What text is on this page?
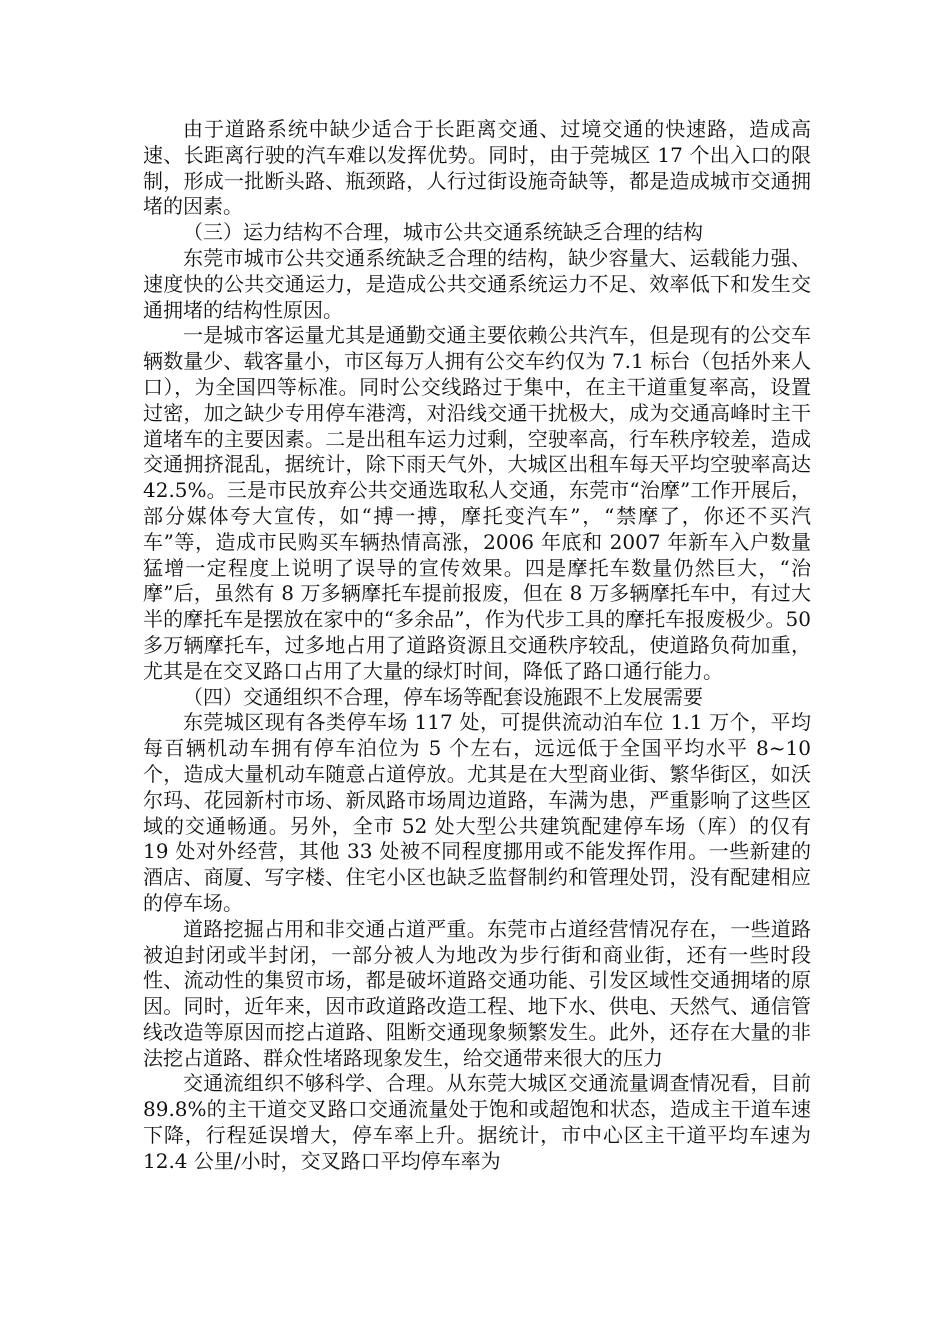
由于道路系统中缺少适合于长距离交通、过境交通的快速路，造成高速、长距离行驶的汽车难以发挥优势。同时，由于莞城区 17 个出入口的限制，形成一批断头路、瓶颈路，人行过街设施奇缺等，都是造成城市交通拥堵的因素。

（三）运力结构不合理，城市公共交通系统缺乏合理的结构

东莞市城市公共交通系统缺乏合理的结构，缺少容量大、运载能力强、速度快的公共交通运力，是造成公共交通系统运力不足、效率低下和发生交通拥堵的结构性原因。

一是城市客运量尤其是通勤交通主要依赖公共汽车，但是现有的公交车辆数量少、载客量小，市区每万人拥有公交车约仅为 7.1 标台（包括外来人口），为全国四等标准。同时公交线路过于集中，在主干道重复率高，设置过密，加之缺少专用停车港湾，对沿线交通干扰极大，成为交通高峰时主干道堵车的主要因素。二是出租车运力过剩，空驶率高，行车秩序较差，造成交通拥挤混乱，据统计，除下雨天气外，大城区出租车每天平均空驶率高达 42.5%。三是市民放弃公共交通选取私人交通，东莞市“治摩”工作开展后，部分媒体夸大宣传，如“搏一搏，摩托变汽车”，“禁摩了，你还不买汽车”等，造成市民购买车辆热情高涨，2006 年底和 2007 年新车入户数量猛增一定程度上说明了误导的宣传效果。四是摩托车数量仍然巨大，“治摩”后，虽然有 8 万多辆摩托车提前报废，但在 8 万多辆摩托车中，有过大半的摩托车是摆放在家中的“多余品”，作为代步工具的摩托车报废极少。50 多万辆摩托车，过多地占用了道路资源且交通秩序较乱，使道路负荷加重，尤其是在交叉路口占用了大量的绿灯时间，降低了路口通行能力。

（四）交通组织不合理，停车场等配套设施跟不上发展需要

东莞城区现有各类停车场 117 处，可提供流动泊车位 1.1 万个，平均每百辆机动车拥有停车泊位为 5 个左右，远远低于全国平均水平 8~10 个，造成大量机动车随意占道停放。尤其是在大型商业街、繁华街区，如沃尔玛、花园新村市场、新凤路市场周边道路，车满为患，严重影响了这些区域的交通畅通。另外，全市 52 处大型公共建筑配建停车场（库）的仅有 19 处对外经营，其他 33 处被不同程度挪用或不能发挥作用。一些新建的酒店、商厦、写字楼、住宅小区也缺乏监督制约和管理处罚，没有配建相应的停车场。

道路挖掘占用和非交通占道严重。东莞市占道经营情况存在，一些道路被迫封闭或半封闭，一部分被人为地改为步行街和商业街，还有一些时段性、流动性的集贸市场，都是破坏道路交通功能、引发区域性交通拥堵的原因。同时，近年来，因市政道路改造工程、地下水、供电、天然气、通信管线改造等原因而挖占道路、阻断交通现象频繁发生。此外，还存在大量的非法挖占道路、群众性堵路现象发生，给交通带来很大的压力

交通流组织不够科学、合理。从东莞大城区交通流量调查情况看，目前 89.8%的主干道交叉路口交通流量处于饱和或超饱和状态，造成主干道车速下降，行程延误增大，停车率上升。据统计，市中心区主干道平均车速为 12.4 公里/小时，交叉路口平均停车率为
